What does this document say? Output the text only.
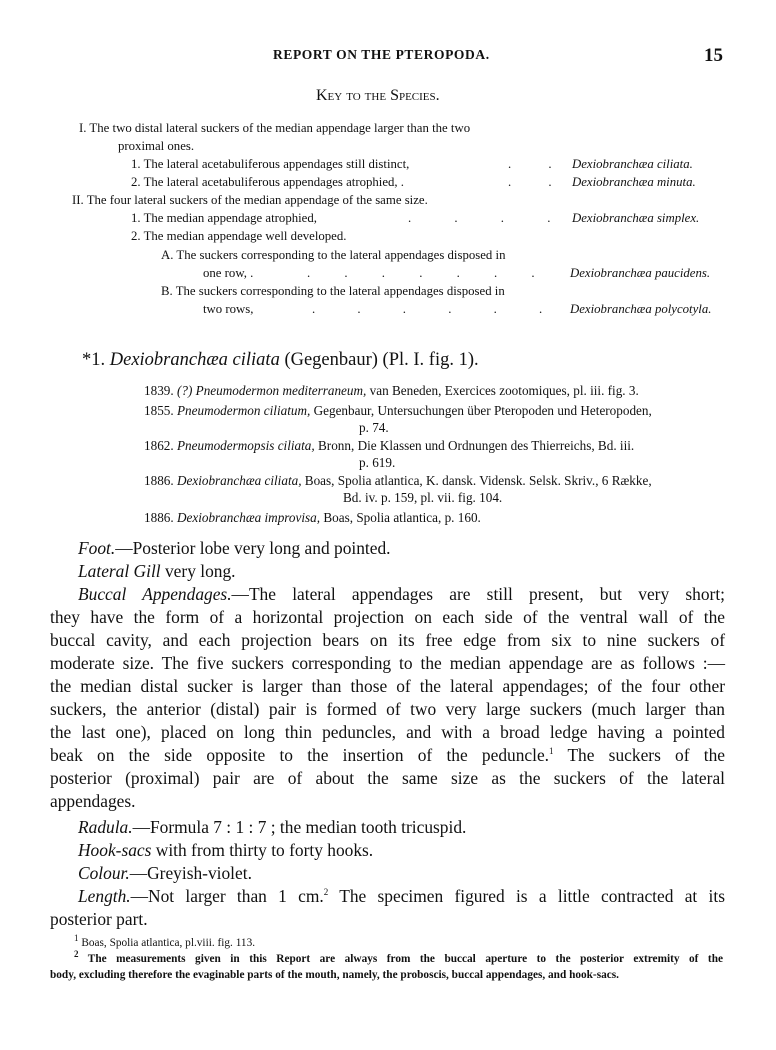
REPORT ON THE PTEROPODA.	15
Key to the Species.
I. The two distal lateral suckers of the median appendage larger than the two
proximal ones.
1. The lateral acetabuliferous appendages still distinct,	. . Dexiobranchæa ciliata.
2. The lateral acetabuliferous appendages atrophied, .	. . Dexiobranchæa minuta.
II. The four lateral suckers of the median appendage of the same size.
1. The median appendage atrophied,	. . . . Dexiobranchæa simplex.
2. The median appendage well developed.
A. The suckers corresponding to the lateral appendages disposed in
one row, .	. . . . . . .	Dexiobranchæa paucidens.
B. The suckers corresponding to the lateral appendages disposed in
two rows,	. . . . . . Dexiobranchæa polycotyla.
*1. Dexiobranchæa ciliata (Gegenbaur) (Pl. I. fig. 1).
1839. (?) Pneumodermon mediterraneum, van Beneden, Exercices zootomiques, pl. iii. fig. 3.
1855. Pneumodermon ciliatum, Gegenbaur, Untersuchungen über Pteropoden und Heteropoden,
p. 74.
1862. Pneumodermopsis ciliata, Bronn, Die Klassen und Ordnungen des Thierreichs, Bd. iii.
p. 619.
1886. Dexiobranchæa ciliata, Boas, Spolia atlantica, K. dansk. Vidensk. Selsk. Skriv., 6 Række,
Bd. iv. p. 159, pl. vii. fig. 104.
1886. Dexiobranchæa improvisa, Boas, Spolia atlantica, p. 160.
Foot.—Posterior lobe very long and pointed.
Lateral Gill very long.
Buccal Appendages.—The lateral appendages are still present, but very short;
they have the form of a horizontal projection on each side of the ventral wall of the
buccal cavity, and each projection bears on its free edge from six to nine suckers of
moderate size. The five suckers corresponding to the median appendage are as follows :—
the median distal sucker is larger than those of the lateral appendages; of the four other
suckers, the anterior (distal) pair is formed of two very large suckers (much larger than
the last one), placed on long thin peduncles, and with a broad ledge having a pointed
beak on the side opposite to the insertion of the peduncle.$^1$ The suckers of the
posterior (proximal) pair are of about the same size as the suckers of the lateral
appendages.
Radula.—Formula 7 : 1 : 7 ; the median tooth tricuspid.
Hook-sacs with from thirty to forty hooks.
Colour.—Greyish-violet.
Length.—Not larger than 1 cm.$^2$ The specimen figured is a little contracted at its
posterior part.
$^1$ Boas, Spolia atlantica, pl.viii. fig. 113.
$^2$ The measurements given in this Report are always from the buccal aperture to the posterior extremity of the
body, excluding therefore the evaginable parts of the mouth, namely, the proboscis, buccal appendages, and hook-sacs.
